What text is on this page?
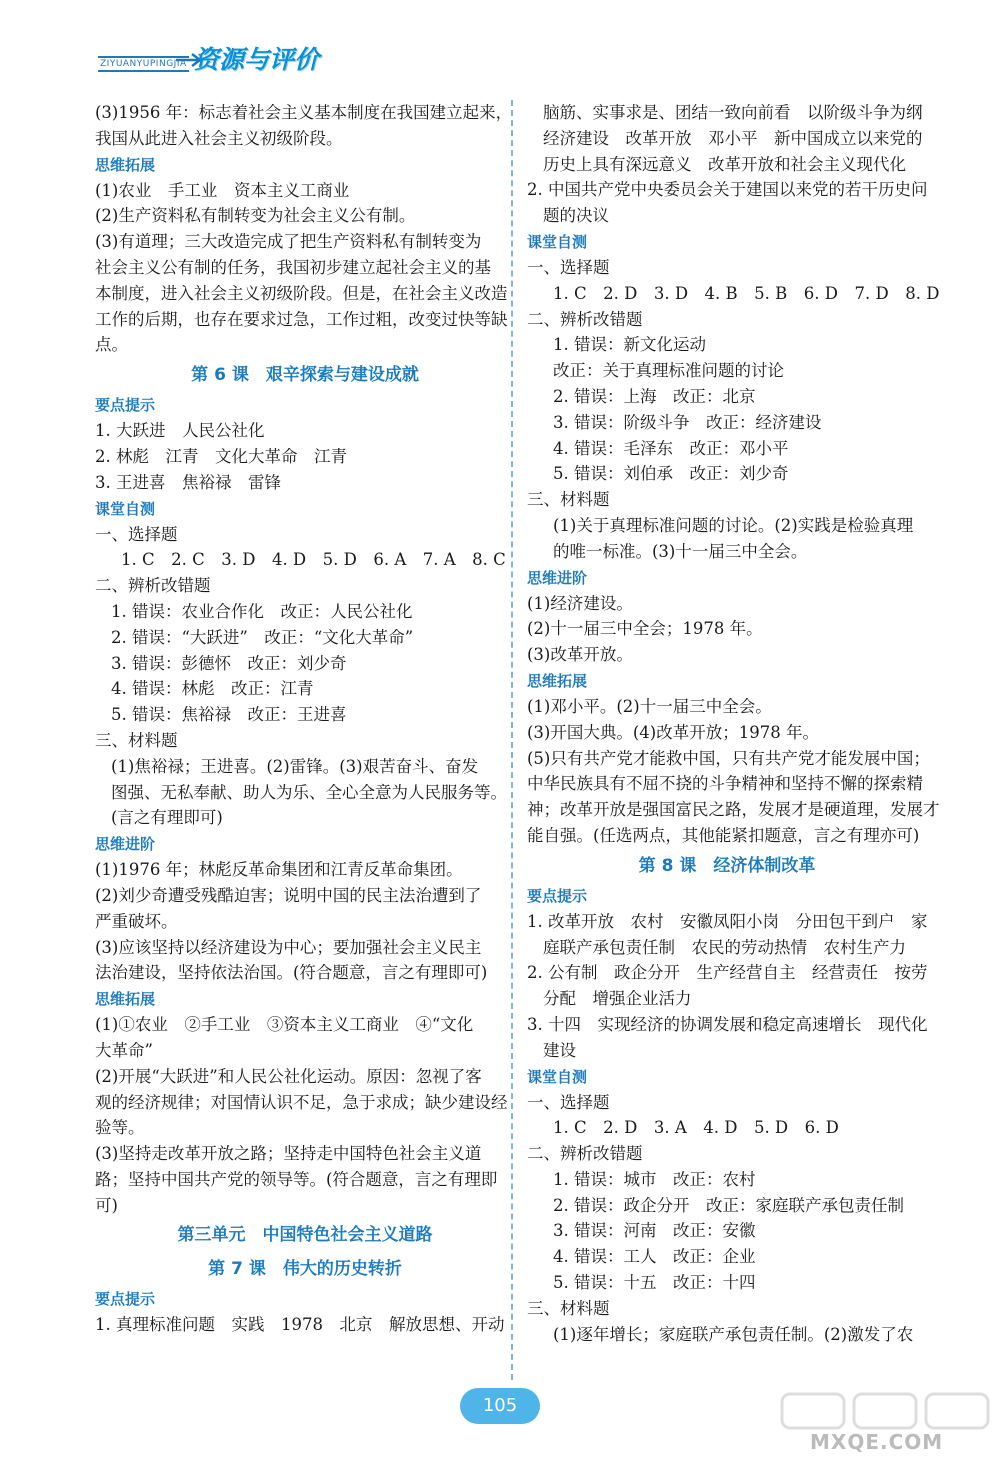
ZIYUANYUPINGJIA 资源与评价
(3)1956 年：标志着社会主义基本制度在我国建立起来，
我国从此进入社会主义初级阶段。
思维拓展
(1)农业　手工业　资本主义工商业
(2)生产资料私有制转变为社会主义公有制。
(3)有道理；三大改造完成了把生产资料私有制转变为
社会主义公有制的任务，我国初步建立起社会主义的基
本制度，进入社会主义初级阶段。但是，在社会主义改造
工作的后期，也存在要求过急，工作过粗，改变过快等缺
点。
第 6 课　艰辛探索与建设成就
要点提示
1. 大跃进　人民公社化
2. 林彪　江青　文化大革命　江青
3. 王进喜　焦裕禄　雷锋
课堂自测
一、选择题
1. C　2. C　3. D　4. D　5. D　6. A　7. A　8. C
二、辨析改错题
1. 错误：农业合作化　改正：人民公社化
2. 错误：“大跃进”　改正：“文化大革命”
3. 错误：彭德怀　改正：刘少奇
4. 错误：林彪　改正：江青
5. 错误：焦裕禄　改正：王进喜
三、材料题
(1)焦裕禄；王进喜。(2)雷锋。(3)艰苦奋斗、奋发
图强、无私奉献、助人为乐、全心全意为人民服务等。
(言之有理即可)
思维进阶
(1)1976 年；林彪反革命集团和江青反革命集团。
(2)刘少奇遭受残酷迫害；说明中国的民主法治遭到了
严重破坏。
(3)应该坚持以经济建设为中心；要加强社会主义民主
法治建设，坚持依法治国。(符合题意，言之有理即可)
思维拓展
(1)①农业　②手工业　③资本主义工商业　④“文化
大革命”
(2)开展“大跃进”和人民公社化运动。原因：忽视了客
观的经济规律；对国情认识不足，急于求成；缺少建设经
验等。
(3)坚持走改革开放之路；坚持走中国特色社会主义道
路；坚持中国共产党的领导等。(符合题意，言之有理即
可)
第三单元　中国特色社会主义道路
第 7 课　伟大的历史转折
要点提示
1. 真理标准问题　实践　1978　北京　解放思想、开动
脑筋、实事求是、团结一致向前看　以阶级斗争为纲
经济建设　改革开放　邓小平　新中国成立以来党的
历史上具有深远意义　改革开放和社会主义现代化
2. 中国共产党中央委员会关于建国以来党的若干历史问
题的决议
课堂自测
一、选择题
1. C　2. D　3. D　4. B　5. B　6. D　7. D　8. D
二、辨析改错题
1. 错误：新文化运动
改正：关于真理标准问题的讨论
2. 错误：上海　改正：北京
3. 错误：阶级斗争　改正：经济建设
4. 错误：毛泽东　改正：邓小平
5. 错误：刘伯承　改正：刘少奇
三、材料题
(1)关于真理标准问题的讨论。(2)实践是检验真理
的唯一标准。(3)十一届三中全会。
思维进阶
(1)经济建设。
(2)十一届三中全会；1978 年。
(3)改革开放。
思维拓展
(1)邓小平。(2)十一届三中全会。
(3)开国大典。(4)改革开放；1978 年。
(5)只有共产党才能救中国，只有共产党才能发展中国；
中华民族具有不屈不挠的斗争精神和坚持不懈的探索精
神；改革开放是强国富民之路，发展才是硬道理，发展才
能自强。(任选两点，其他能紧扣题意，言之有理亦可)
第 8 课　经济体制改革
要点提示
1. 改革开放　农村　安徽凤阳小岗　分田包干到户　家
庭联产承包责任制　农民的劳动热情　农村生产力
2. 公有制　政企分开　生产经营自主　经营责任　按劳
分配　增强企业活力
3. 十四　实现经济的协调发展和稳定高速增长　现代化
建设
课堂自测
一、选择题
1. C　2. D　3. A　4. D　5. D　6. D
二、辨析改错题
1. 错误：城市　改正：农村
2. 错误：政企分开　改正：家庭联产承包责任制
3. 错误：河南　改正：安徽
4. 错误：工人　改正：企业
5. 错误：十五　改正：十四
三、材料题
(1)逐年增长；家庭联产承包责任制。(2)激发了农
105
MXQE.COM
